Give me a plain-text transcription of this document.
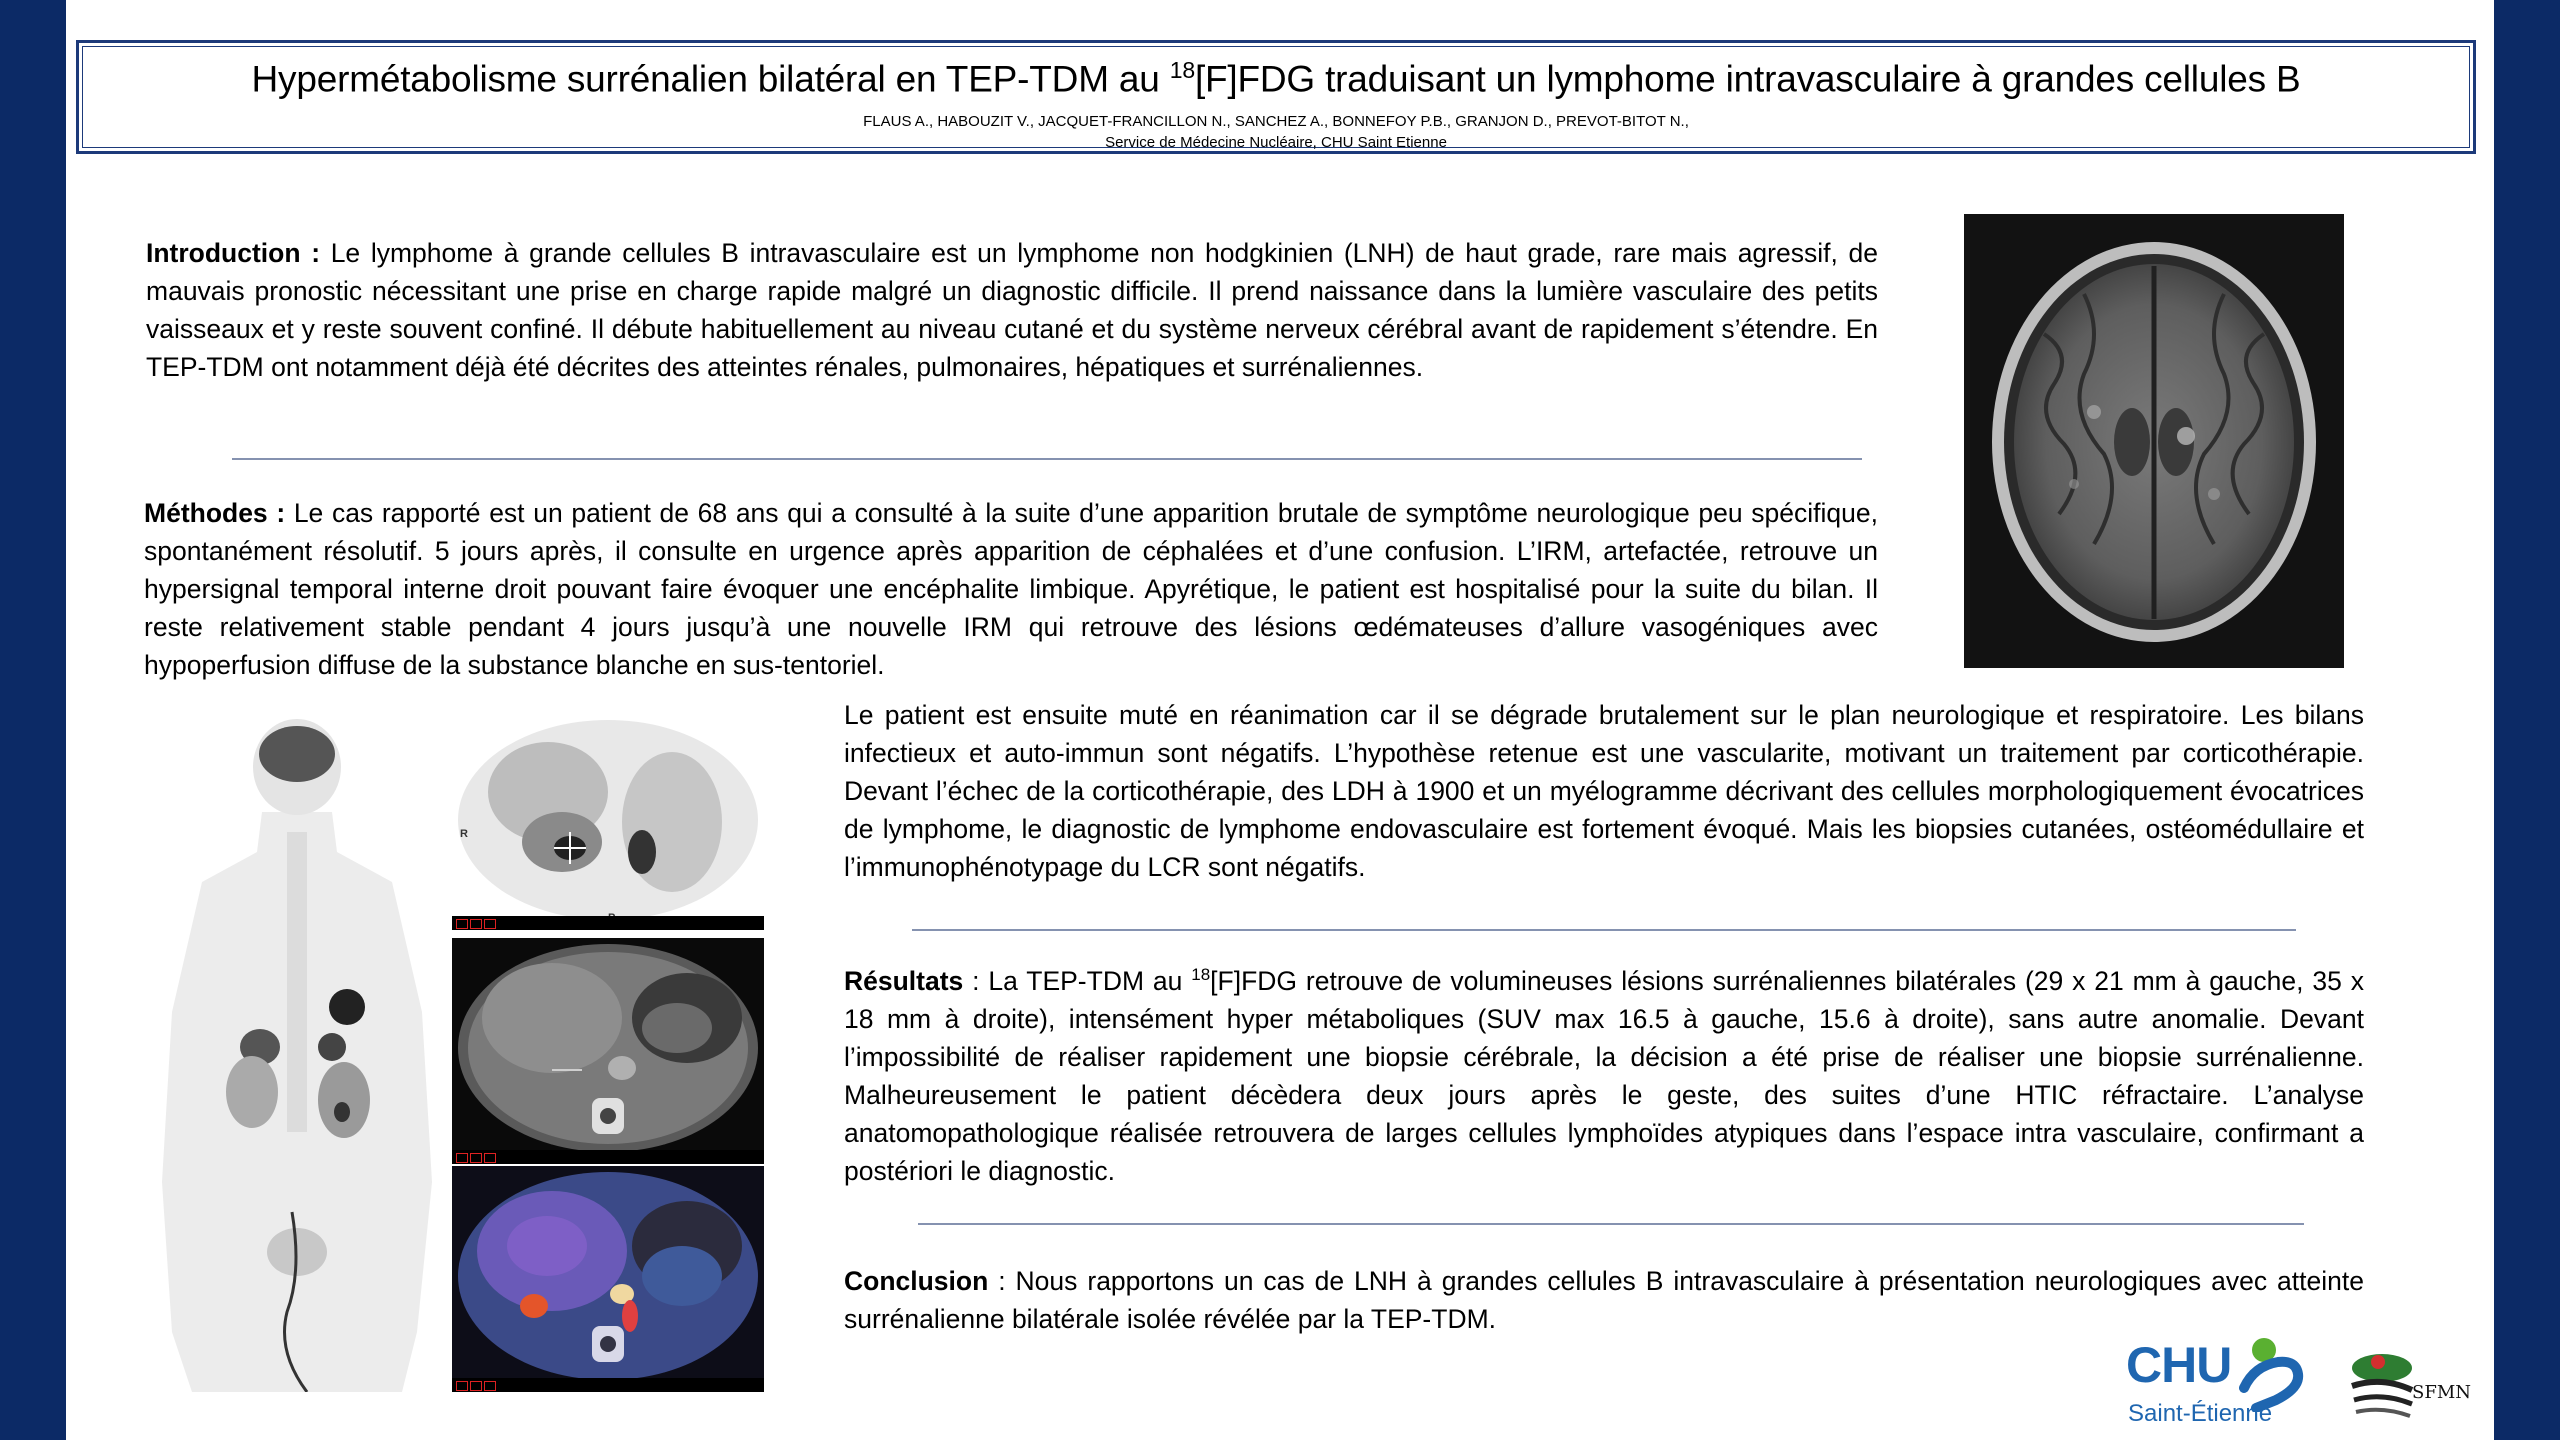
Hypermétabolisme surrénalien bilatéral en TEP-TDM au $^{18}$[F]FDG traduisant un lymphome intravasculaire à grandes cellules B
FLAUS A., HABOUZIT V., JACQUET-FRANCILLON N., SANCHEZ A., BONNEFOY P.B., GRANJON D., PREVOT-BITOT N.,
Service de Médecine Nucléaire, CHU Saint Etienne

Introduction : Le lymphome à grande cellules B intravasculaire est un lymphome non hodgkinien (LNH) de haut grade, rare mais agressif, de mauvais pronostic nécessitant une prise en charge rapide malgré un diagnostic difficile. Il prend naissance dans la lumière vasculaire des petits vaisseaux et y reste souvent confiné. Il débute habituellement au niveau cutané et du système nerveux cérébral avant de rapidement s’étendre. En TEP-TDM ont notamment déjà été décrites des atteintes rénales, pulmonaires, hépatiques et surrénaliennes.

Méthodes : Le cas rapporté est un patient de 68 ans qui a consulté à la suite d’une apparition brutale de symptôme neurologique peu spécifique, spontanément résolutif. 5 jours après, il consulte en urgence après apparition de céphalées et d’une confusion. L’IRM, artefactée, retrouve un hypersignal temporal interne droit pouvant faire évoquer une encéphalite limbique. Apyrétique, le patient est hospitalisé pour la suite du bilan. Il reste relativement stable pendant 4 jours jusqu’à une nouvelle IRM qui retrouve des lésions œdémateuses d’allure vasogéniques avec hypoperfusion diffuse de la substance blanche en sus-tentoriel.

Le patient est ensuite muté en réanimation car il se dégrade brutalement sur le plan neurologique et respiratoire. Les bilans infectieux et auto-immun sont négatifs. L’hypothèse retenue est une vascularite, motivant un traitement par corticothérapie. Devant l’échec de la corticothérapie, des LDH à 1900 et un myélogramme décrivant des cellules morphologiquement évocatrices de lymphome, le diagnostic de lymphome endovasculaire est fortement évoqué. Mais les biopsies cutanées, ostéomédullaire et l’immunophénotypage du LCR sont négatifs.

Résultats : La TEP-TDM au $^{18}$[F]FDG retrouve de volumineuses lésions surrénaliennes bilatérales (29 x 21 mm à gauche, 35 x 18 mm à droite), intensément hyper métaboliques (SUV max 16.5 à gauche, 15.6 à droite), sans autre anomalie. Devant l’impossibilité de réaliser rapidement une biopsie cérébrale, la décision a été prise de réaliser une biopsie surrénalienne. Malheureusement le patient décèdera deux jours après le geste, des suites d’une HTIC réfractaire. L’analyse anatomopathologique réalisée retrouvera de larges cellules lymphoïdes atypiques dans l’espace intra vasculaire, confirmant a postériori le diagnostic.

Conclusion : Nous rapportons un cas de LNH à grandes cellules B intravasculaire à présentation neurologiques avec atteinte surrénalienne bilatérale isolée révélée par la TEP-TDM.

R
CHU
Saint-Étienne
SFMN
